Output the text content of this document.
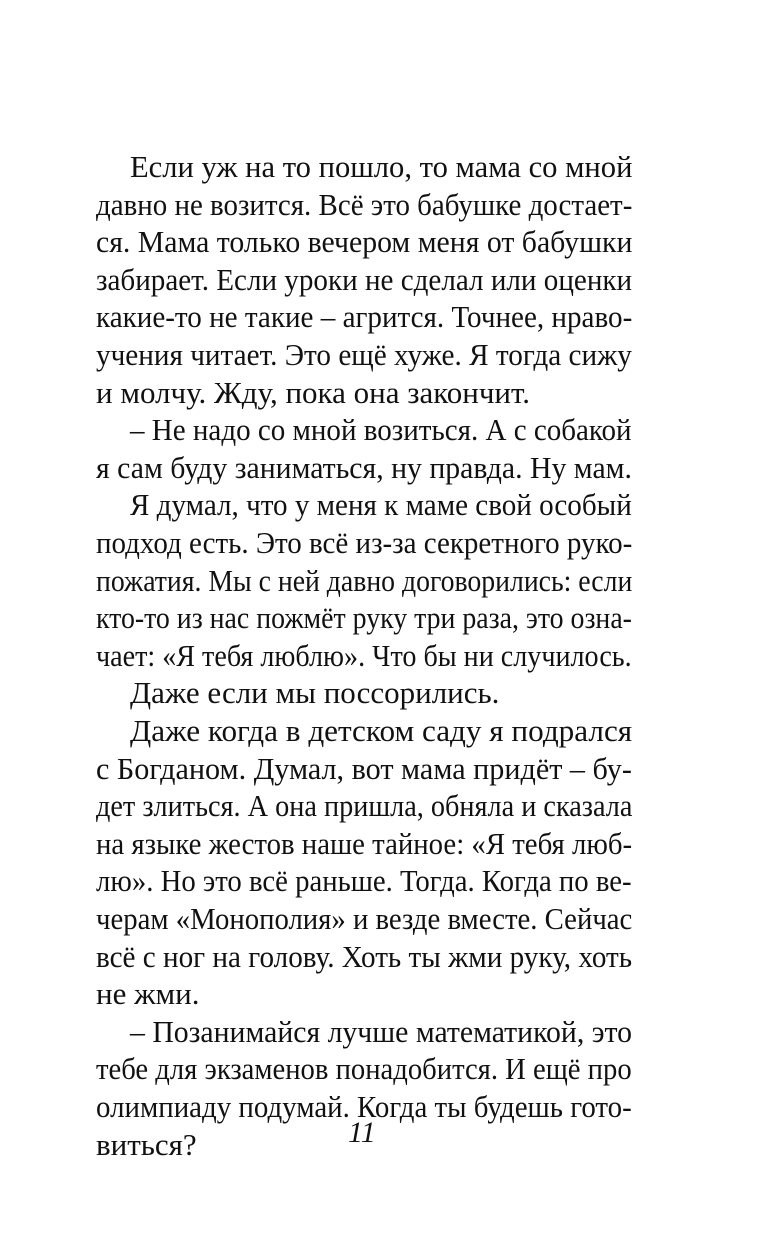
Если уж на то пошло, то мама со мной

давно не возится. Всё это бабушке достает-

ся. Мама только вечером меня от бабушки

забирает. Если уроки не сделал или оценки

какие-то не такие – агрится. Точнее, нраво-

учения читает. Это ещё хуже. Я тогда сижу

и молчу. Жду, пока она закончит.

– Не надо со мной возиться. А с собакой

я сам буду заниматься, ну правда. Ну мам.

Я думал, что у меня к маме свой особый

подход есть. Это всё из-за секретного руко-

пожатия. Мы с ней давно договорились: если

кто-то из нас пожмёт руку три раза, это озна-

чает: «Я тебя люблю». Что бы ни случилось.

Даже если мы поссорились.

Даже когда в детском саду я подрался

с Богданом. Думал, вот мама придёт – бу-

дет злиться. А она пришла, обняла и сказала

на языке жестов наше тайное: «Я тебя люб-

лю». Но это всё раньше. Тогда. Когда по ве-

черам «Монополия» и везде вместе. Сейчас

всё с ног на голову. Хоть ты жми руку, хоть

не жми.

– Позанимайся лучше математикой, это

тебе для экзаменов понадобится. И ещё про

олимпиаду подумай. Когда ты будешь гото-

виться?	11
